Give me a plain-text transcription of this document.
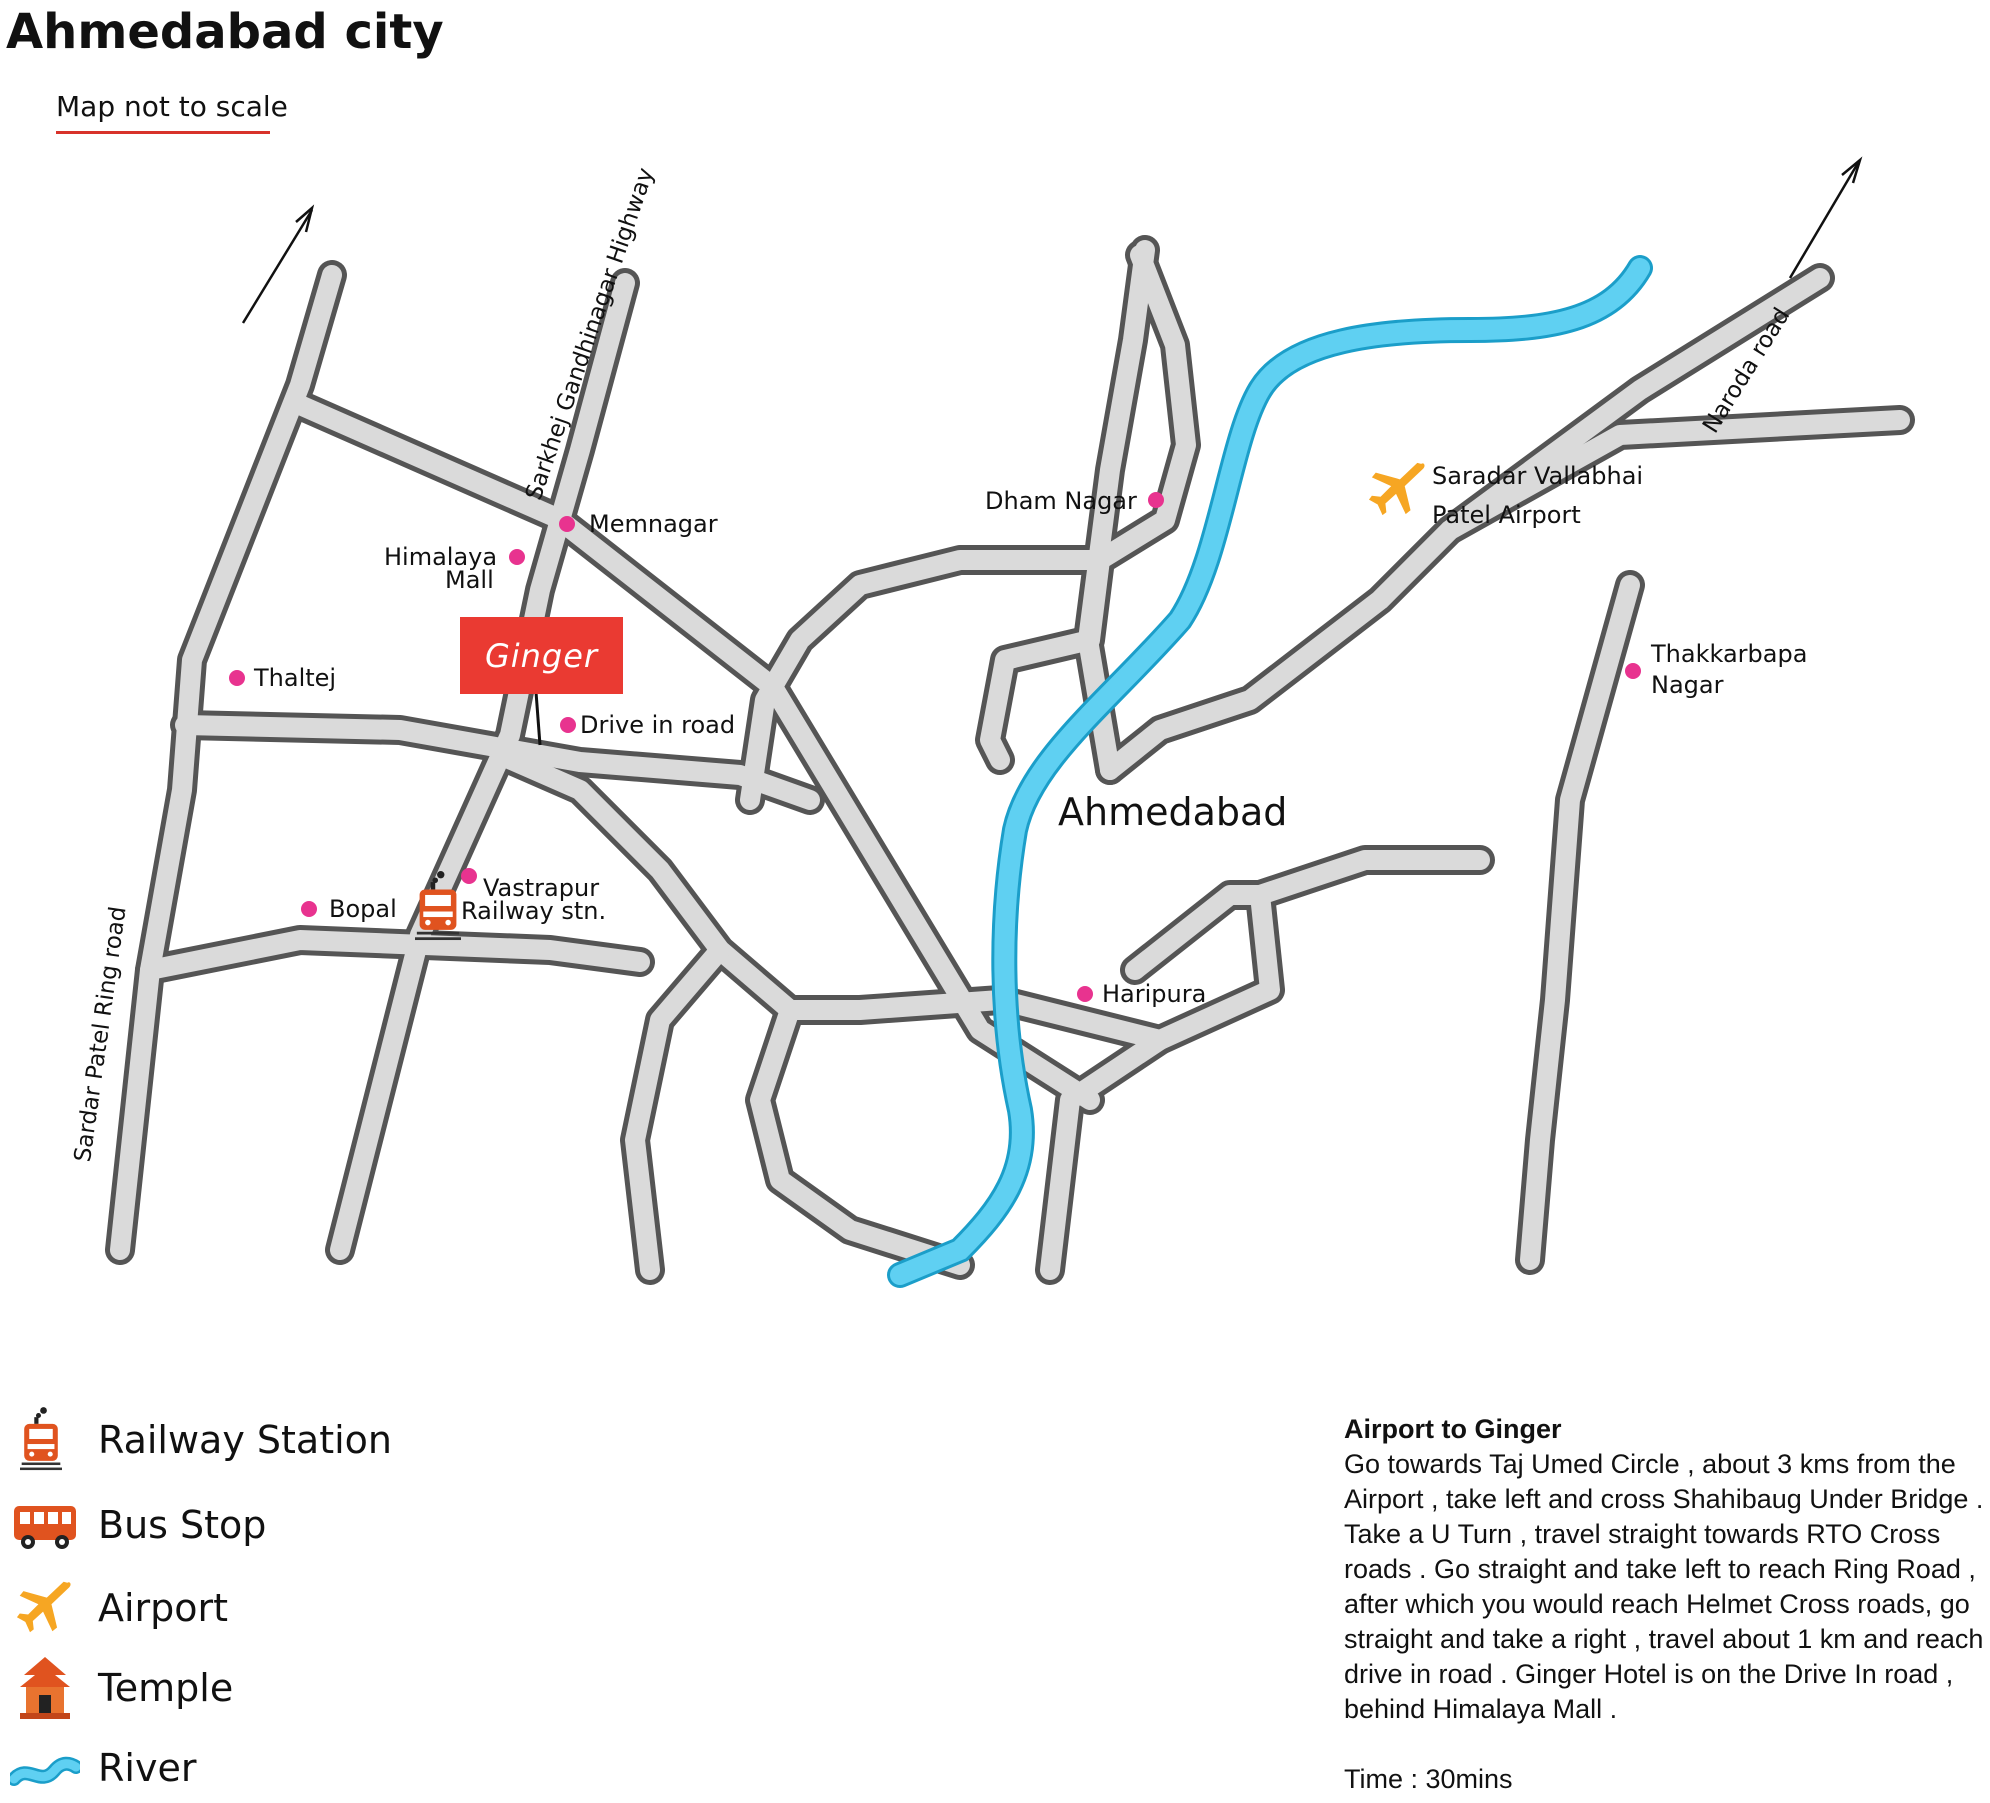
Ahmedabad city
Map not to scale
Ginger
Memnagar
Himalaya
Mall
Thaltej
Drive in road
Vastrapur
Railway stn.
Bopal
Dham Nagar
Saradar Vallabhai
Patel Airport
Thakkarbapa
Nagar
Haripura
Ahmedabad
Sarkhej Gandhinagar Highway	Naroda road
Sardar Patel Ring road
Railway Station
Bus Stop
Airport
Temple
River
Airport to Ginger
Go towards Taj Umed Circle , about 3 kms from the Airport , take left and cross Shahibaug Under Bridge . Take a U Turn , travel straight towards RTO Cross roads . Go straight and take left to reach Ring Road , after which you would reach Helmet Cross roads, go straight and take a right , travel about 1 km and reach drive in road . Ginger Hotel is on the Drive In road , behind Himalaya Mall .
Time : 30mins
